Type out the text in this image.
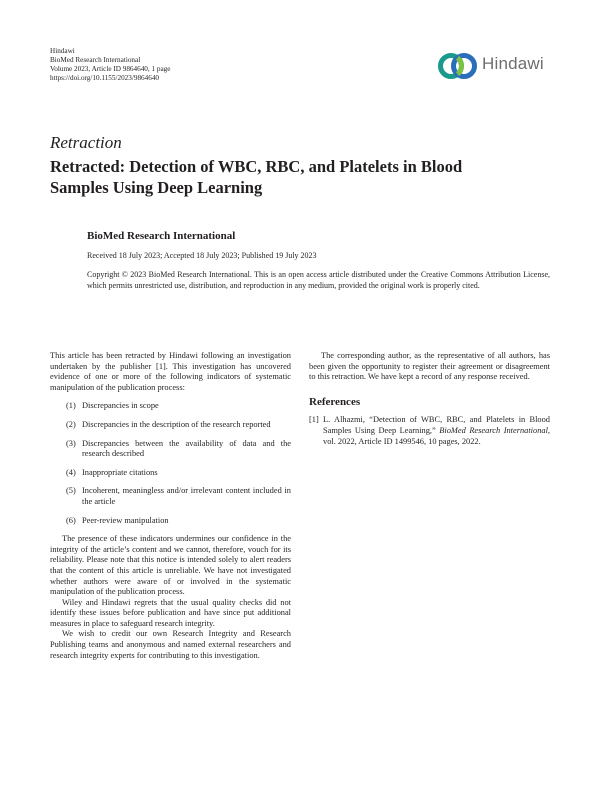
Hindawi
BioMed Research International
Volume 2023, Article ID 9864640, 1 page
https://doi.org/10.1155/2023/9864640
Hindawi
Retraction
Retracted: Detection of WBC, RBC, and Platelets in Blood Samples Using Deep Learning
BioMed Research International
Received 18 July 2023; Accepted 18 July 2023; Published 19 July 2023
Copyright © 2023 BioMed Research International. This is an open access article distributed under the Creative Commons Attribution License, which permits unrestricted use, distribution, and reproduction in any medium, provided the original work is properly cited.

This article has been retracted by Hindawi following an investigation undertaken by the publisher [1]. This investigation has uncovered evidence of one or more of the following indicators of systematic manipulation of the publication process:

(1) Discrepancies in scope
(2) Discrepancies in the description of the research reported
(3) Discrepancies between the availability of data and the research described
(4) Inappropriate citations
(5) Incoherent, meaningless and/or irrelevant content included in the article
(6) Peer-review manipulation

The presence of these indicators undermines our confidence in the integrity of the article’s content and we cannot, therefore, vouch for its reliability. Please note that this notice is intended solely to alert readers that the content of this article is unreliable. We have not investigated whether authors were aware of or involved in the systematic manipulation of the publication process.

Wiley and Hindawi regrets that the usual quality checks did not identify these issues before publication and have since put additional measures in place to safeguard research integrity.

We wish to credit our own Research Integrity and Research Publishing teams and anonymous and named external researchers and research integrity experts for contributing to this investigation.

The corresponding author, as the representative of all authors, has been given the opportunity to register their agreement or disagreement to this retraction. We have kept a record of any response received.

References
[1] L. Alhazmi, “Detection of WBC, RBC, and Platelets in Blood Samples Using Deep Learning,” BioMed Research International, vol. 2022, Article ID 1499546, 10 pages, 2022.
